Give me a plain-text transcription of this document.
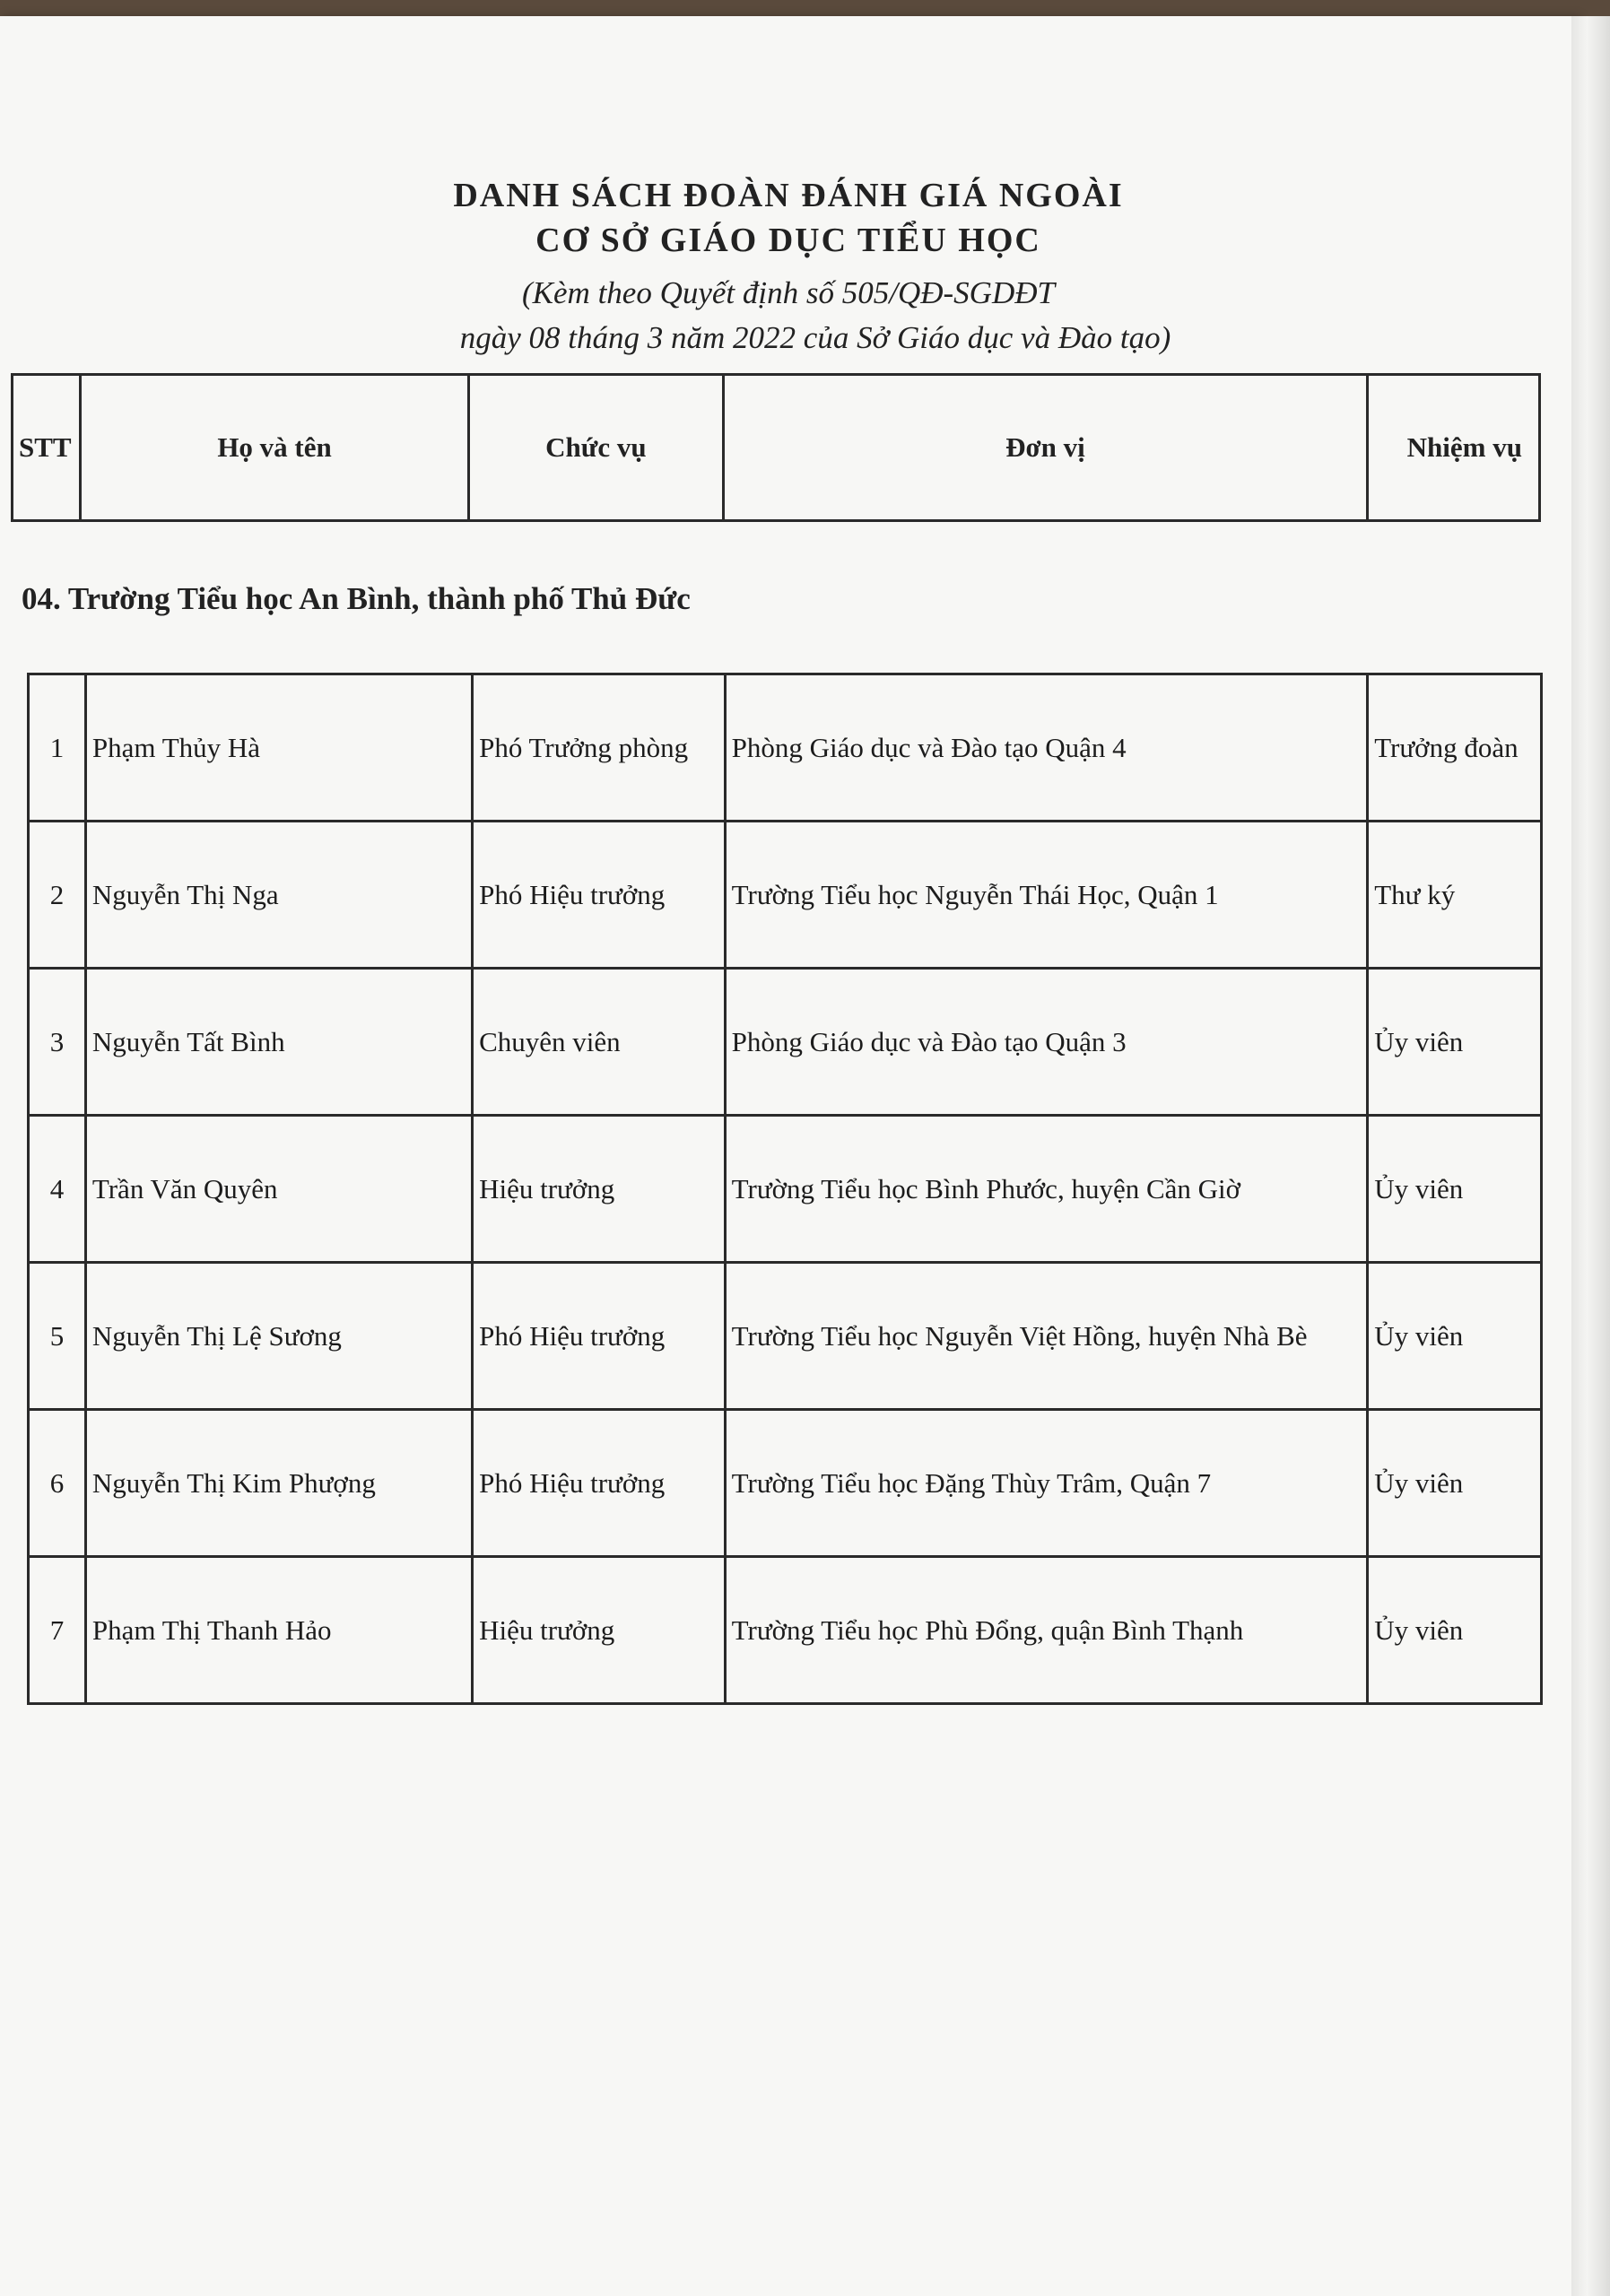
DANH SÁCH ĐOÀN ĐÁNH GIÁ NGOÀI
CƠ SỞ GIÁO DỤC TIỂU HỌC
(Kèm theo Quyết định số 505/QĐ-SGDĐT
ngày 08 tháng 3 năm 2022 của Sở Giáo dục và Đào tạo)
STT	Họ và tên	Chức vụ	Đơn vị	Nhiệm vụ
04. Trường Tiểu học An Bình, thành phố Thủ Đức
1	Phạm Thủy Hà	Phó Trưởng phòng	Phòng Giáo dục và Đào tạo Quận 4	Trưởng đoàn
2	Nguyễn Thị Nga	Phó Hiệu trưởng	Trường Tiểu học Nguyễn Thái Học, Quận 1	Thư ký
3	Nguyễn Tất Bình	Chuyên viên	Phòng Giáo dục và Đào tạo Quận 3	Ủy viên
4	Trần Văn Quyên	Hiệu trưởng	Trường Tiểu học Bình Phước, huyện Cần Giờ	Ủy viên
5	Nguyễn Thị Lệ Sương	Phó Hiệu trưởng	Trường Tiểu học Nguyễn Việt Hồng, huyện Nhà Bè	Ủy viên
6	Nguyễn Thị Kim Phượng	Phó Hiệu trưởng	Trường Tiểu học Đặng Thùy Trâm, Quận 7	Ủy viên
7	Phạm Thị Thanh Hảo	Hiệu trưởng	Trường Tiểu học Phù Đổng, quận Bình Thạnh	Ủy viên
